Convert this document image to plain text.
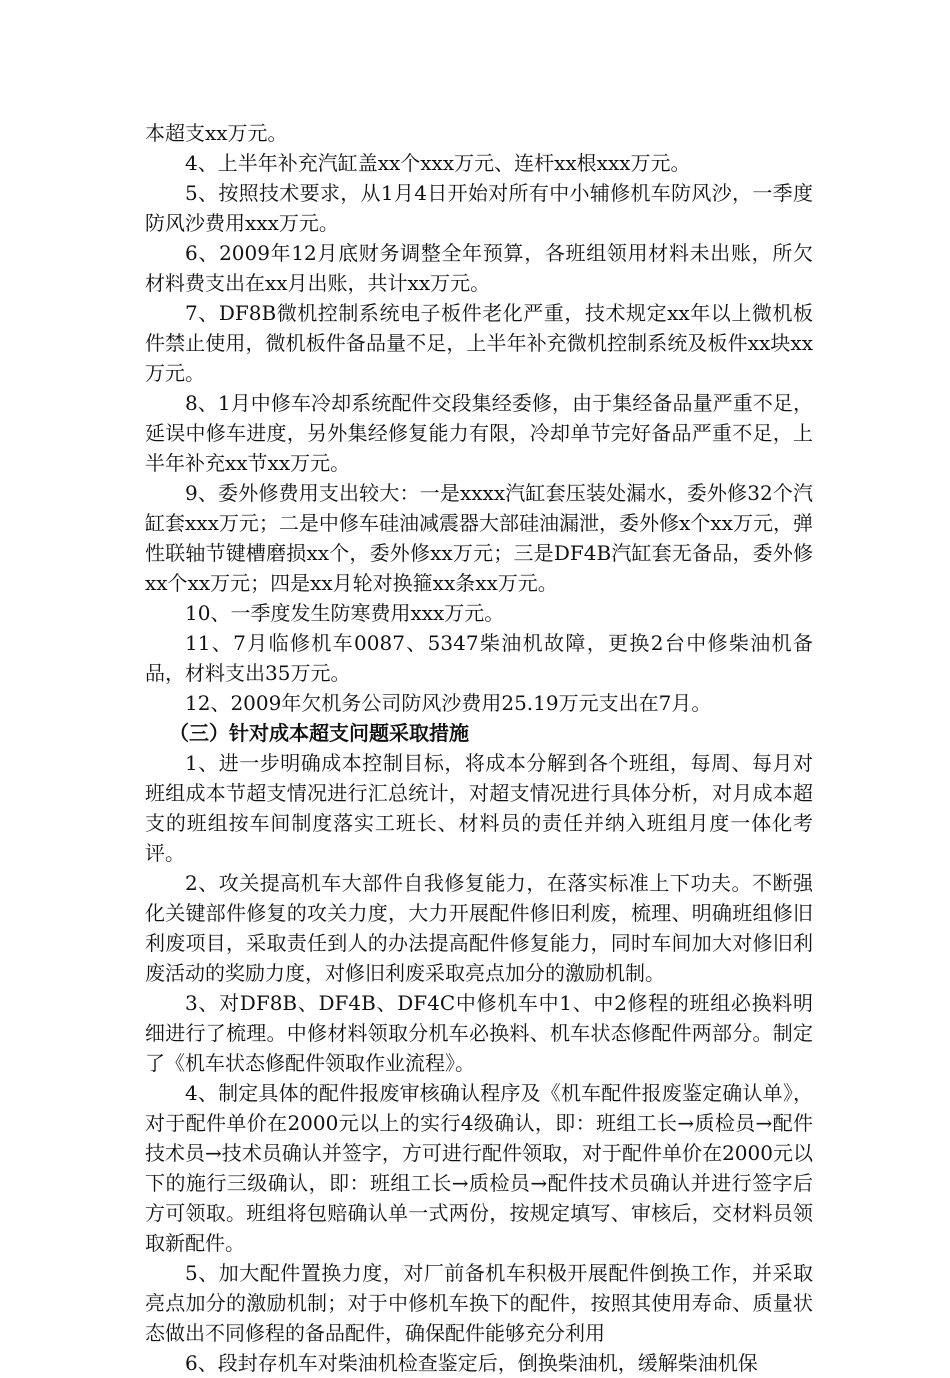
本超支xx万元。

4、上半年补充汽缸盖xx个xxx万元、连杆xx根xxx万元。

5、按照技术要求，从1月4日开始对所有中小辅修机车防风沙，一季度防风沙费用xxx万元。

6、2009年12月底财务调整全年预算，各班组领用材料未出账，所欠材料费支出在xx月出账，共计xx万元。

7、DF8B微机控制系统电子板件老化严重，技术规定xx年以上微机板件禁止使用，微机板件备品量不足，上半年补充微机控制系统及板件xx块xx万元。

8、1月中修车冷却系统配件交段集经委修，由于集经备品量严重不足，延误中修车进度，另外集经修复能力有限，冷却单节完好备品严重不足，上半年补充xx节xx万元。

9、委外修费用支出较大：一是xxxx汽缸套压装处漏水，委外修32个汽缸套xxx万元；二是中修车硅油减震器大部硅油漏泄，委外修x个xx万元，弹性联轴节键槽磨损xx个，委外修xx万元；三是DF4B汽缸套无备品，委外修xx个xx万元；四是xx月轮对换箍xx条xx万元。

10、一季度发生防寒费用xxx万元。

11、7月临修机车0087、5347柴油机故障，更换2台中修柴油机备品，材料支出35万元。

12、2009年欠机务公司防风沙费用25.19万元支出在7月。

（三）针对成本超支问题采取措施

1、进一步明确成本控制目标，将成本分解到各个班组，每周、每月对班组成本节超支情况进行汇总统计，对超支情况进行具体分析，对月成本超支的班组按车间制度落实工班长、材料员的责任并纳入班组月度一体化考评。

2、攻关提高机车大部件自我修复能力，在落实标准上下功夫。不断强化关键部件修复的攻关力度，大力开展配件修旧利废，梳理、明确班组修旧利废项目，采取责任到人的办法提高配件修复能力，同时车间加大对修旧利废活动的奖励力度，对修旧利废采取亮点加分的激励机制。

3、对DF8B、DF4B、DF4C中修机车中1、中2修程的班组必换料明细进行了梳理。中修材料领取分机车必换料、机车状态修配件两部分。制定了《机车状态修配件领取作业流程》。

4、制定具体的配件报废审核确认程序及《机车配件报废鉴定确认单》，对于配件单价在2000元以上的实行4级确认，即：班组工长→质检员→配件技术员→技术员确认并签字，方可进行配件领取，对于配件单价在2000元以下的施行三级确认，即：班组工长→质检员→配件技术员确认并进行签字后方可领取。班组将包赔确认单一式两份，按规定填写、审核后，交材料员领取新配件。

5、加大配件置换力度，对厂前备机车积极开展配件倒换工作，并采取亮点加分的激励机制；对于中修机车换下的配件，按照其使用寿命、质量状态做出不同修程的备品配件，确保配件能够充分利用

6、段封存机车对柴油机检查鉴定后，倒换柴油机，缓解柴油机保
